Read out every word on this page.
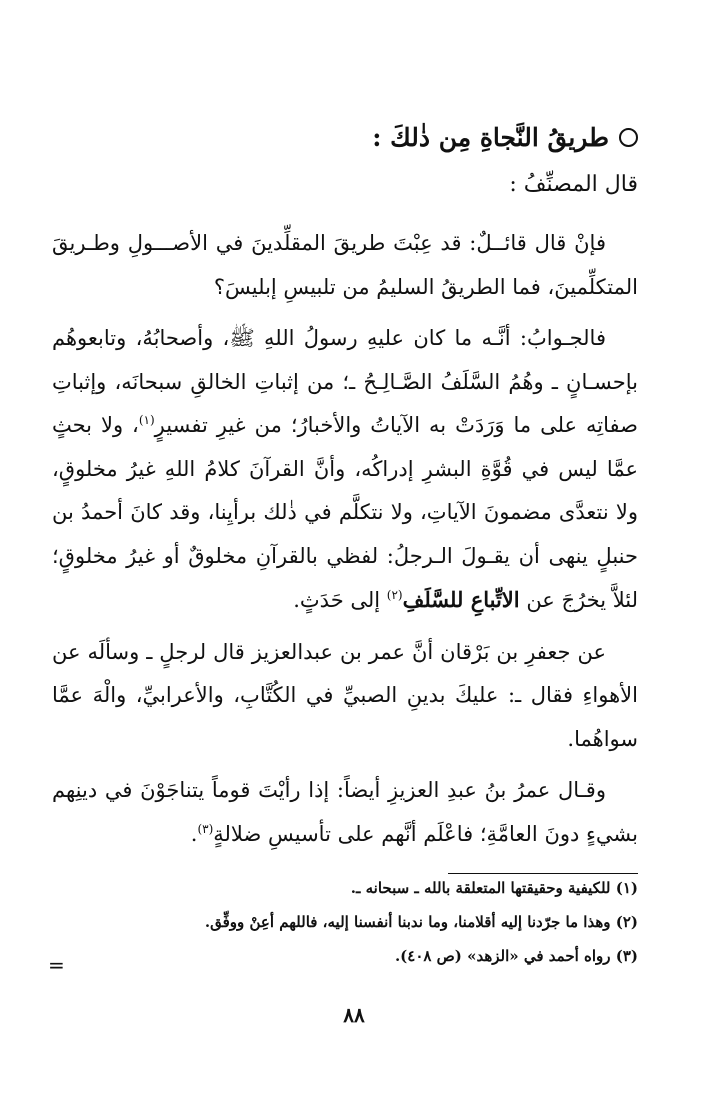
طريقُ النَّجاةِ مِن ذٰلكَ :
قال المصنِّفُ :

فإنْ قال قائــلٌ: قد عِبْتَ طريقَ المقلِّدينَ في الأصـــولِ وطـريقَ المتكلِّمينَ، فما الطريقُ السليمُ من تلبيسِ إبليسَ؟

فالجـوابُ: أنَّـه ما كان عليهِ رسولُ اللهِ ﷺ، وأصحابُهُ، وتابعوهُم بإحسـانٍ ـ وهُمُ السَّلَفُ الصَّـالِـحُ ـ؛ من إثباتِ الخالقِ سبحانَه، وإثباتِ صفاتِه على ما وَرَدَتْ به الآياتُ والأخبارُ؛ من غيرِ تفسيرٍ$^{(١)}$، ولا بحثٍ عمَّا ليس في قُوَّةِ البشرِ إدراكُه، وأنَّ القرآنَ كلامُ اللهِ غيرُ مخلوقٍ، ولا نتعدَّى مضمونَ الآياتِ، ولا نتكلَّم في ذٰلك برأيِنا، وقد كانَ أحمدُ بن حنبلٍ ينهى أن يقـولَ الـرجلُ: لفظي بالقرآنِ مخلوقٌ أو غيرُ مخلوقٍ؛ لئلاَّ يخرُجَ عن الاتِّباعِ للسَّلَفِ$^{(٢)}$ إلى حَدَثٍ.

عن جعفرِ بن بَرْقان أنَّ عمر بن عبدالعزيز قال لرجلٍ ـ وسألَه عن الأهواءِ فقال ـ: عليكَ بدينِ الصبيِّ في الكُتَّابِ، والأعرابيِّ، والْهَ عمَّا سواهُما.

وقـال عمرُ بنُ عبدِ العزيزِ أيضاً: إذا رأيْتَ قوماً يتناجَوْنَ في دينِهم بشيءٍ دونَ العامَّةِ؛ فاعْلَم أنَّهم على تأسيسِ ضلالةٍ$^{(٣)}$.

(١) للكيفية وحقيقتها المتعلقة بالله ـ سبحانه ـ.
(٢) وهذا ما جرّدنا إليه أقلامنا، وما ندبنا أنفسنا إليه، فاللهم أعِنْ ووفِّق.
(٣) رواه أحمد في «الزهد» (ص ٤٠٨).
=
٨٨
